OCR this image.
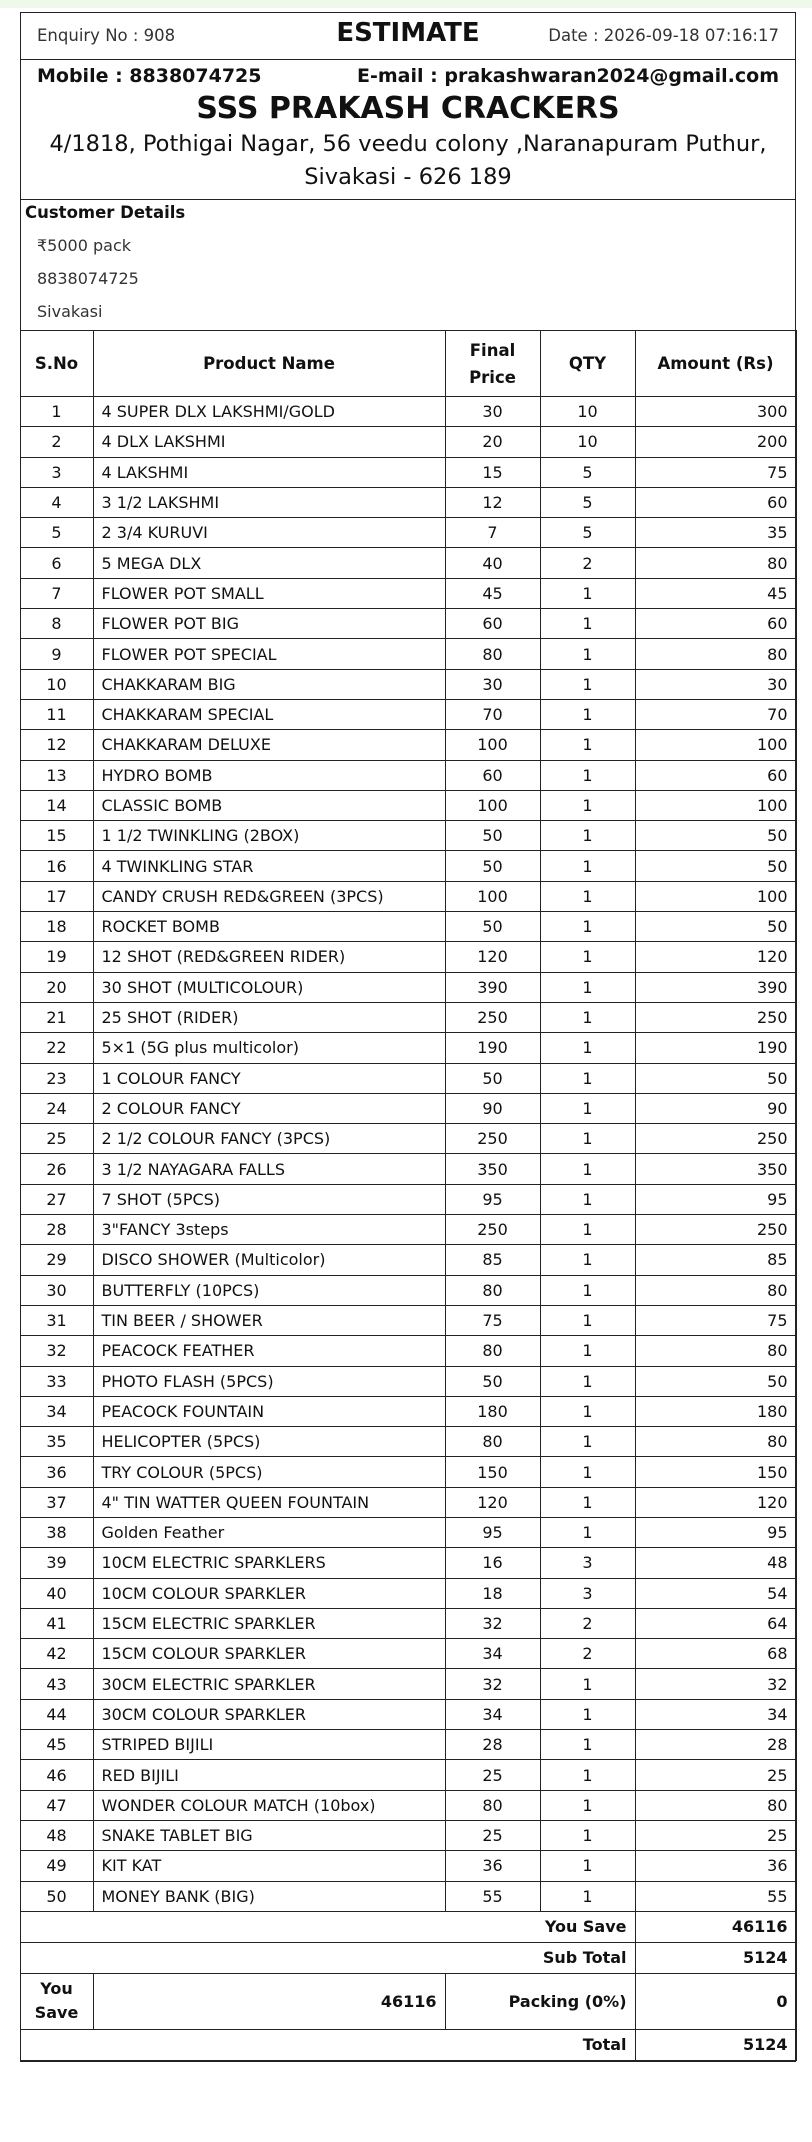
Enquiry No : 908	ESTIMATE	Date : 2026-09-18 07:16:17
Mobile : 8838074725	E-mail : prakashwaran2024@gmail.com
SSS PRAKASH CRACKERS
4/1818, Pothigai Nagar, 56 veedu colony ,Naranapuram Puthur, Sivakasi - 626 189
Customer Details
₹5000 pack
8838074725
Sivakasi
S.No	Product Name	Final Price	QTY	Amount (Rs)
1	4 SUPER DLX LAKSHMI/GOLD	30	10	300
2	4 DLX LAKSHMI	20	10	200
3	4 LAKSHMI	15	5	75
4	3 1/2 LAKSHMI	12	5	60
5	2 3/4 KURUVI	7	5	35
6	5 MEGA DLX	40	2	80
7	FLOWER POT SMALL	45	1	45
8	FLOWER POT BIG	60	1	60
9	FLOWER POT SPECIAL	80	1	80
10	CHAKKARAM BIG	30	1	30
11	CHAKKARAM SPECIAL	70	1	70
12	CHAKKARAM DELUXE	100	1	100
13	HYDRO BOMB	60	1	60
14	CLASSIC BOMB	100	1	100
15	1 1/2 TWINKLING (2BOX)	50	1	50
16	4 TWINKLING STAR	50	1	50
17	CANDY CRUSH RED&GREEN (3PCS)	100	1	100
18	ROCKET BOMB	50	1	50
19	12 SHOT (RED&GREEN RIDER)	120	1	120
20	30 SHOT (MULTICOLOUR)	390	1	390
21	25 SHOT (RIDER)	250	1	250
22	5×1 (5G plus multicolor)	190	1	190
23	1 COLOUR FANCY	50	1	50
24	2 COLOUR FANCY	90	1	90
25	2 1/2 COLOUR FANCY (3PCS)	250	1	250
26	3 1/2 NAYAGARA FALLS	350	1	350
27	7 SHOT (5PCS)	95	1	95
28	3"FANCY 3steps	250	1	250
29	DISCO SHOWER (Multicolor)	85	1	85
30	BUTTERFLY (10PCS)	80	1	80
31	TIN BEER / SHOWER	75	1	75
32	PEACOCK FEATHER	80	1	80
33	PHOTO FLASH (5PCS)	50	1	50
34	PEACOCK FOUNTAIN	180	1	180
35	HELICOPTER (5PCS)	80	1	80
36	TRY COLOUR (5PCS)	150	1	150
37	4" TIN WATTER QUEEN FOUNTAIN	120	1	120
38	Golden Feather	95	1	95
39	10CM ELECTRIC SPARKLERS	16	3	48
40	10CM COLOUR SPARKLER	18	3	54
41	15CM ELECTRIC SPARKLER	32	2	64
42	15CM COLOUR SPARKLER	34	2	68
43	30CM ELECTRIC SPARKLER	32	1	32
44	30CM COLOUR SPARKLER	34	1	34
45	STRIPED BIJILI	28	1	28
46	RED BIJILI	25	1	25
47	WONDER COLOUR MATCH (10box)	80	1	80
48	SNAKE TABLET BIG	25	1	25
49	KIT KAT	36	1	36
50	MONEY BANK (BIG)	55	1	55
You Save				46116
Sub Total				5124
You Save	46116	Packing (0%)		0
Total				5124
